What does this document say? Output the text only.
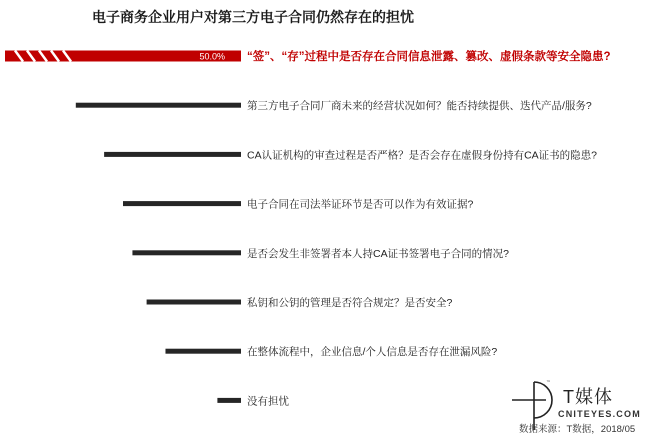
电子商务企业用户对第三方电子合同仍然存在的担忧
50.0% “签”、“存”过程中是否存在合同信息泄露、篡改、虚假条款等安全隐患?
第三方电子合同厂商未来的经营状况如何？能否持续提供、迭代产品/服务?
CA认证机构的审查过程是否严格？是否会存在虚假身份持有CA证书的隐患?
电子合同在司法举证环节是否可以作为有效证据?
是否会发生非签署者本人持CA证书签署电子合同的情况?
私钥和公钥的管理是否符合规定？是否安全?
在整体流程中，企业信息/个人信息是否存在泄漏风险?
没有担忧
™
T媒体
CNITEYES.COM
数据来源：T数据，2018/05
